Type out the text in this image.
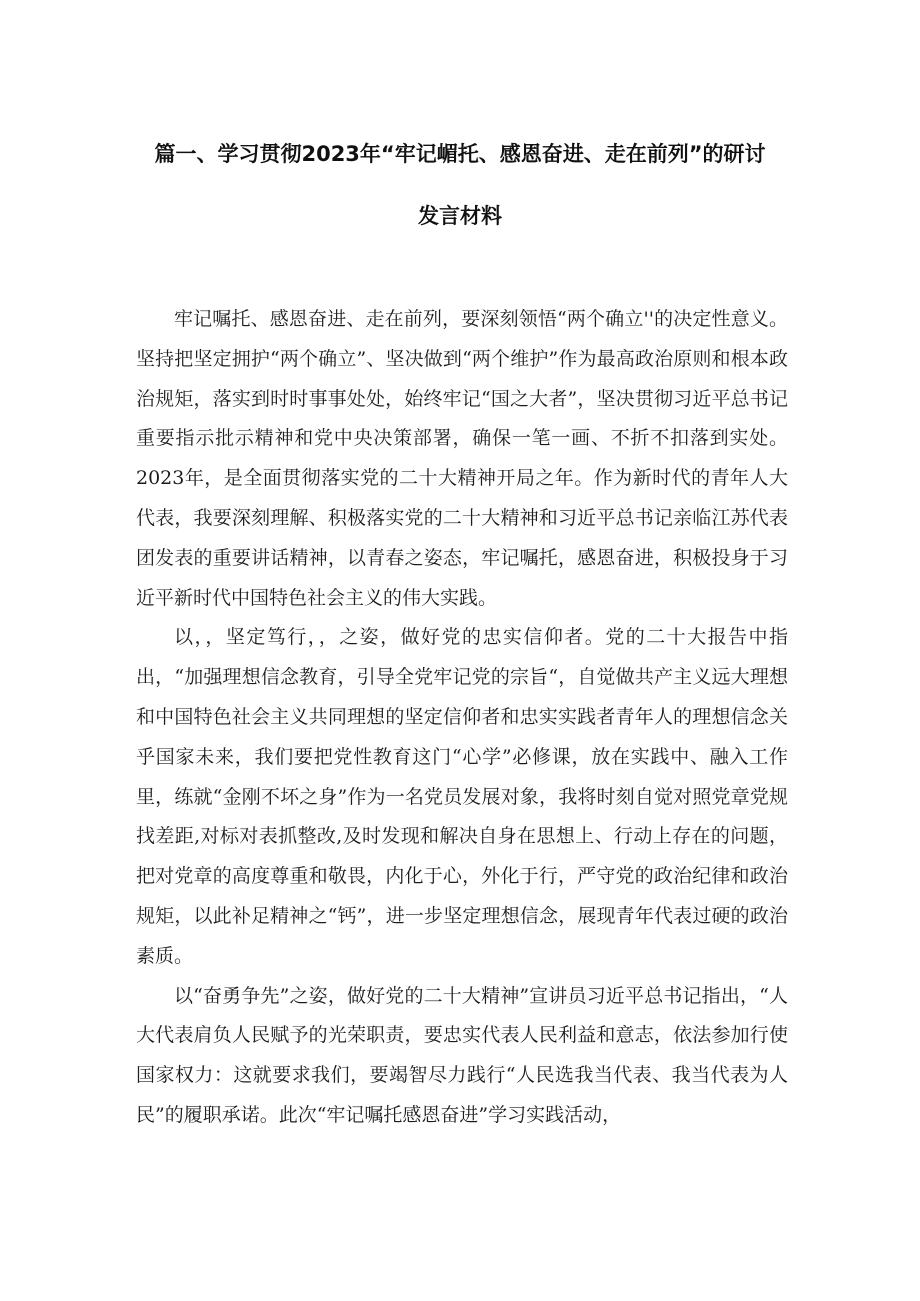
篇一、学习贯彻2023年“牢记嵋托、感恩奋进、走在前列”的研讨
发言材料

牢记嘱托、感恩奋进、走在前列，要深刻领悟“两个确立''的决定性意义。坚持把坚定拥护“两个确立”、坚决做到“两个维护”作为最高政治原则和根本政治规矩，落实到时时事事处处，始终牢记“国之大者”，坚决贯彻习近平总书记重要指示批示精神和党中央决策部署，确保一笔一画、不折不扣落到实处。2023年，是全面贯彻落实党的二十大精神开局之年。作为新时代的青年人大代表，我要深刻理解、积极落实党的二十大精神和习近平总书记亲临江苏代表团发表的重要讲话精神，以青春之姿态，牢记嘱托，感恩奋进，积极投身于习近平新时代中国特色社会主义的伟大实践。

以，，坚定笃行，，之姿，做好党的忠实信仰者。党的二十大报告中指出，“加强理想信念教育，引导全党牢记党的宗旨“，自觉做共产主义远大理想和中国特色社会主义共同理想的坚定信仰者和忠实实践者青年人的理想信念关乎国家未来，我们要把党性教育这门“心学”必修课，放在实践中、融入工作里，练就“金刚不坏之身”作为一名党员发展对象，我将时刻自觉对照党章党规找差距,对标对表抓整改,及时发现和解决自身在思想上、行动上存在的问题，把对党章的高度尊重和敬畏，内化于心，外化于行，严守党的政治纪律和政治规矩，以此补足精神之“钙”，进一步坚定理想信念，展现青年代表过硬的政治素质。

以“奋勇争先”之姿，做好党的二十大精神”宣讲员习近平总书记指出，“人大代表肩负人民赋予的光荣职责，要忠实代表人民利益和意志，依法参加行使国家权力：这就要求我们，要竭智尽力践行“人民选我当代表、我当代表为人民”的履职承诺。此次“牢记嘱托感恩奋进”学习实践活动，
